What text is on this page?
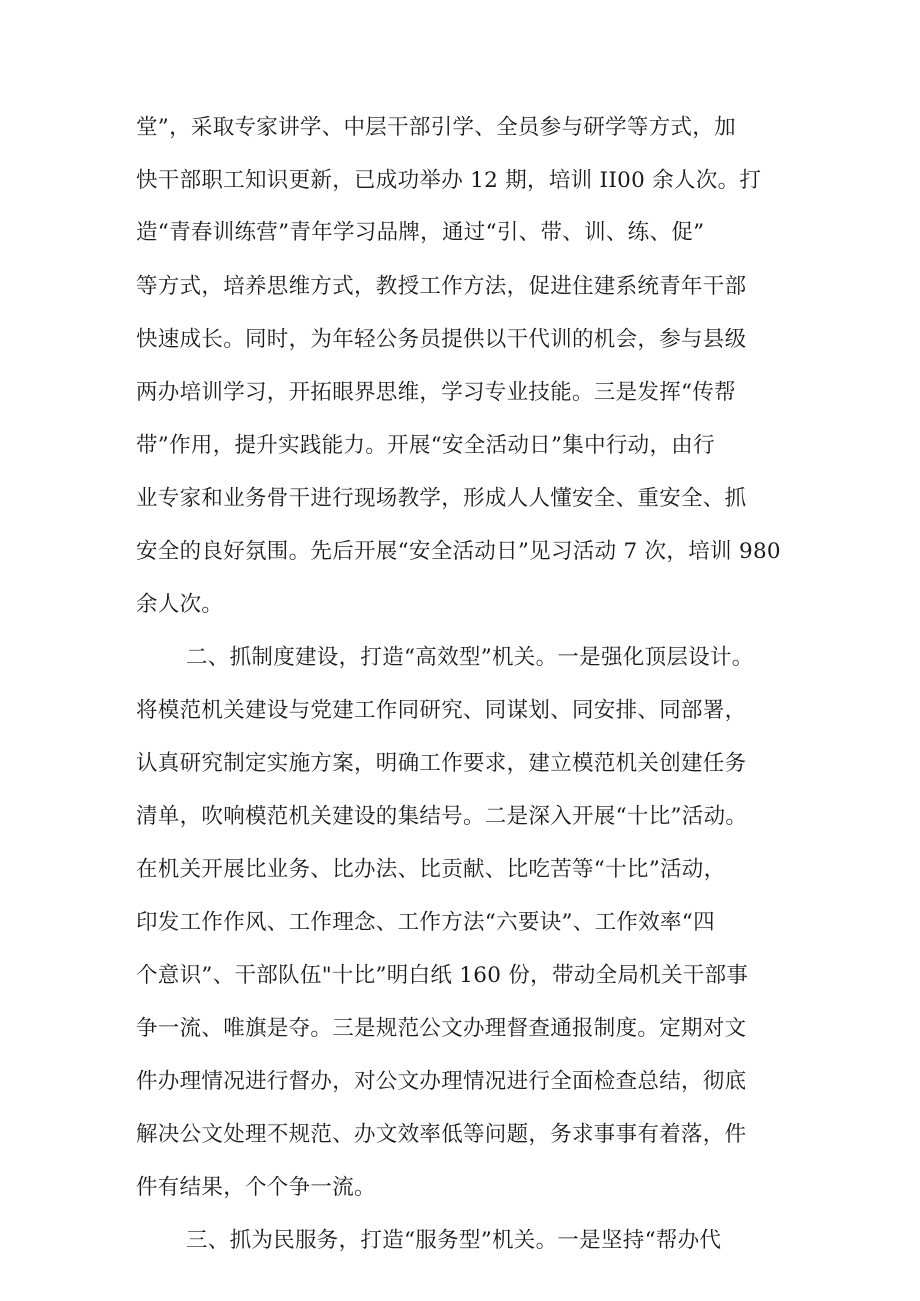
堂”，采取专家讲学、中层干部引学、全员参与研学等方式，加
快干部职工知识更新，已成功举办 12 期，培训 II00 余人次。打
造“青春训练营”青年学习品牌，通过“引、带、训、练、促”
等方式，培养思维方式，教授工作方法，促进住建系统青年干部
快速成长。同时，为年轻公务员提供以干代训的机会，参与县级
两办培训学习，开拓眼界思维，学习专业技能。三是发挥“传帮
带”作用，提升实践能力。开展“安全活动日”集中行动，由行
业专家和业务骨干进行现场教学，形成人人懂安全、重安全、抓
安全的良好氛围。先后开展“安全活动日”见习活动 7 次，培训 980
余人次。
二、抓制度建设，打造“高效型”机关。一是强化顶层设计。
将模范机关建设与党建工作同研究、同谋划、同安排、同部署，
认真研究制定实施方案，明确工作要求，建立模范机关创建任务
清单，吹响模范机关建设的集结号。二是深入开展“十比”活动。
在机关开展比业务、比办法、比贡献、比吃苦等“十比”活动，
印发工作作风、工作理念、工作方法“六要诀”、工作效率“四
个意识”、干部队伍"十比”明白纸 160 份，带动全局机关干部事
争一流、唯旗是夺。三是规范公文办理督查通报制度。定期对文
件办理情况进行督办，对公文办理情况进行全面检查总结，彻底
解决公文处理不规范、办文效率低等问题，务求事事有着落，件
件有结果，个个争一流。
三、抓为民服务，打造“服务型”机关。一是坚持“帮办代
